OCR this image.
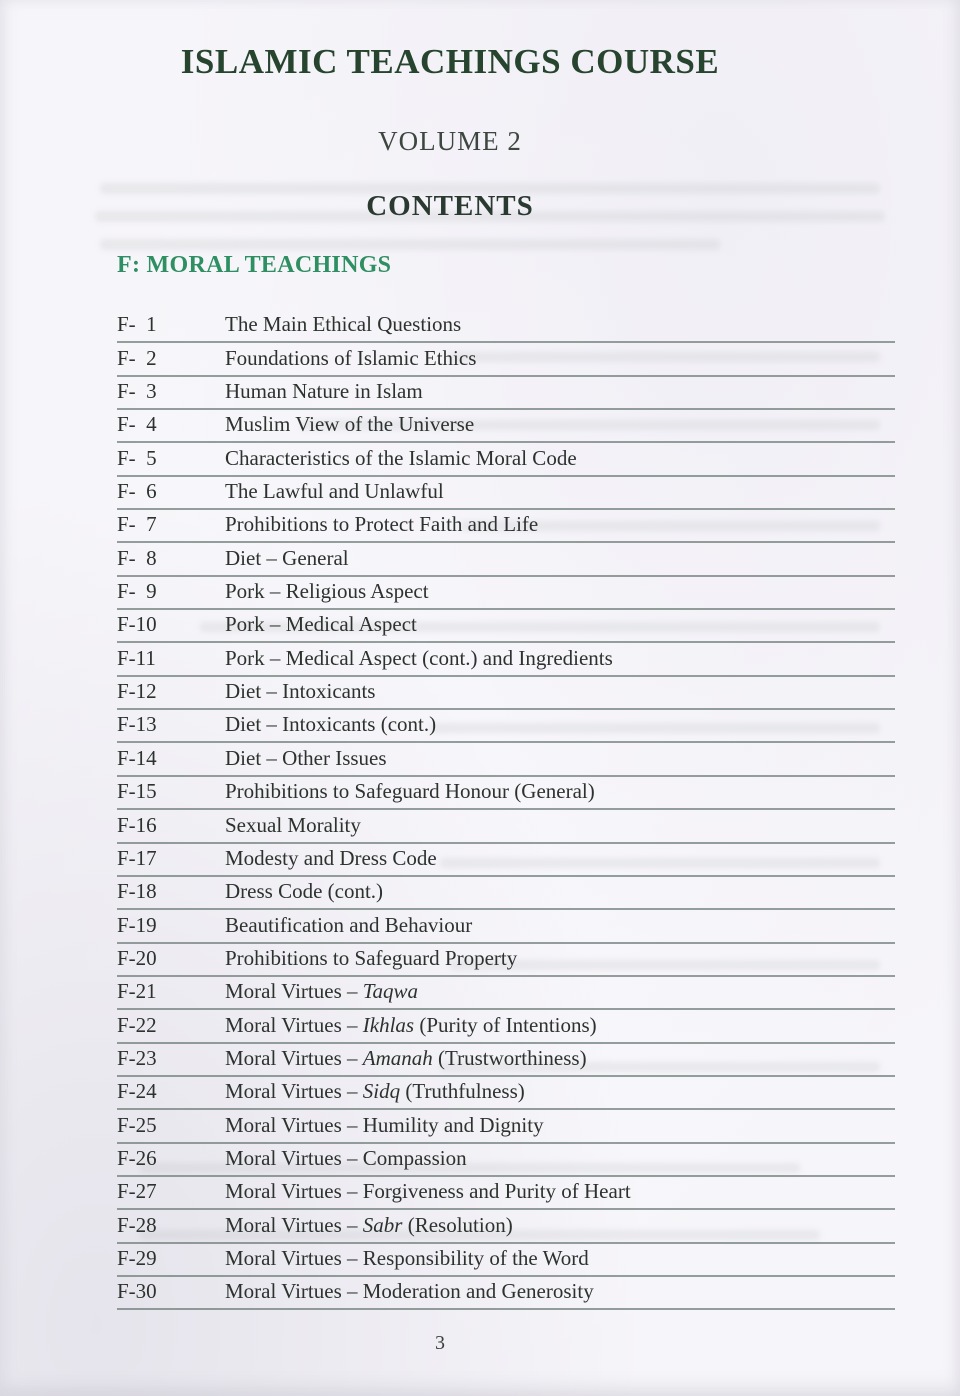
ISLAMIC TEACHINGS COURSE
VOLUME 2
CONTENTS
F: MORAL TEACHINGS
F-  1	The Main Ethical Questions
F-  2	Foundations of Islamic Ethics
F-  3	Human Nature in Islam
F-  4	Muslim View of the Universe
F-  5	Characteristics of the Islamic Moral Code
F-  6	The Lawful and Unlawful
F-  7	Prohibitions to Protect Faith and Life
F-  8	Diet – General
F-  9	Pork – Religious Aspect
F-10	Pork – Medical Aspect
F-11	Pork – Medical Aspect (cont.) and Ingredients
F-12	Diet – Intoxicants
F-13	Diet – Intoxicants (cont.)
F-14	Diet – Other Issues
F-15	Prohibitions to Safeguard Honour (General)
F-16	Sexual Morality
F-17	Modesty and Dress Code
F-18	Dress Code (cont.)
F-19	Beautification and Behaviour
F-20	Prohibitions to Safeguard Property
F-21	Moral Virtues – Taqwa
F-22	Moral Virtues – Ikhlas (Purity of Intentions)
F-23	Moral Virtues – Amanah (Trustworthiness)
F-24	Moral Virtues – Sidq (Truthfulness)
F-25	Moral Virtues – Humility and Dignity
F-26	Moral Virtues – Compassion
F-27	Moral Virtues – Forgiveness and Purity of Heart
F-28	Moral Virtues – Sabr (Resolution)
F-29	Moral Virtues – Responsibility of the Word
F-30	Moral Virtues – Moderation and Generosity
3
